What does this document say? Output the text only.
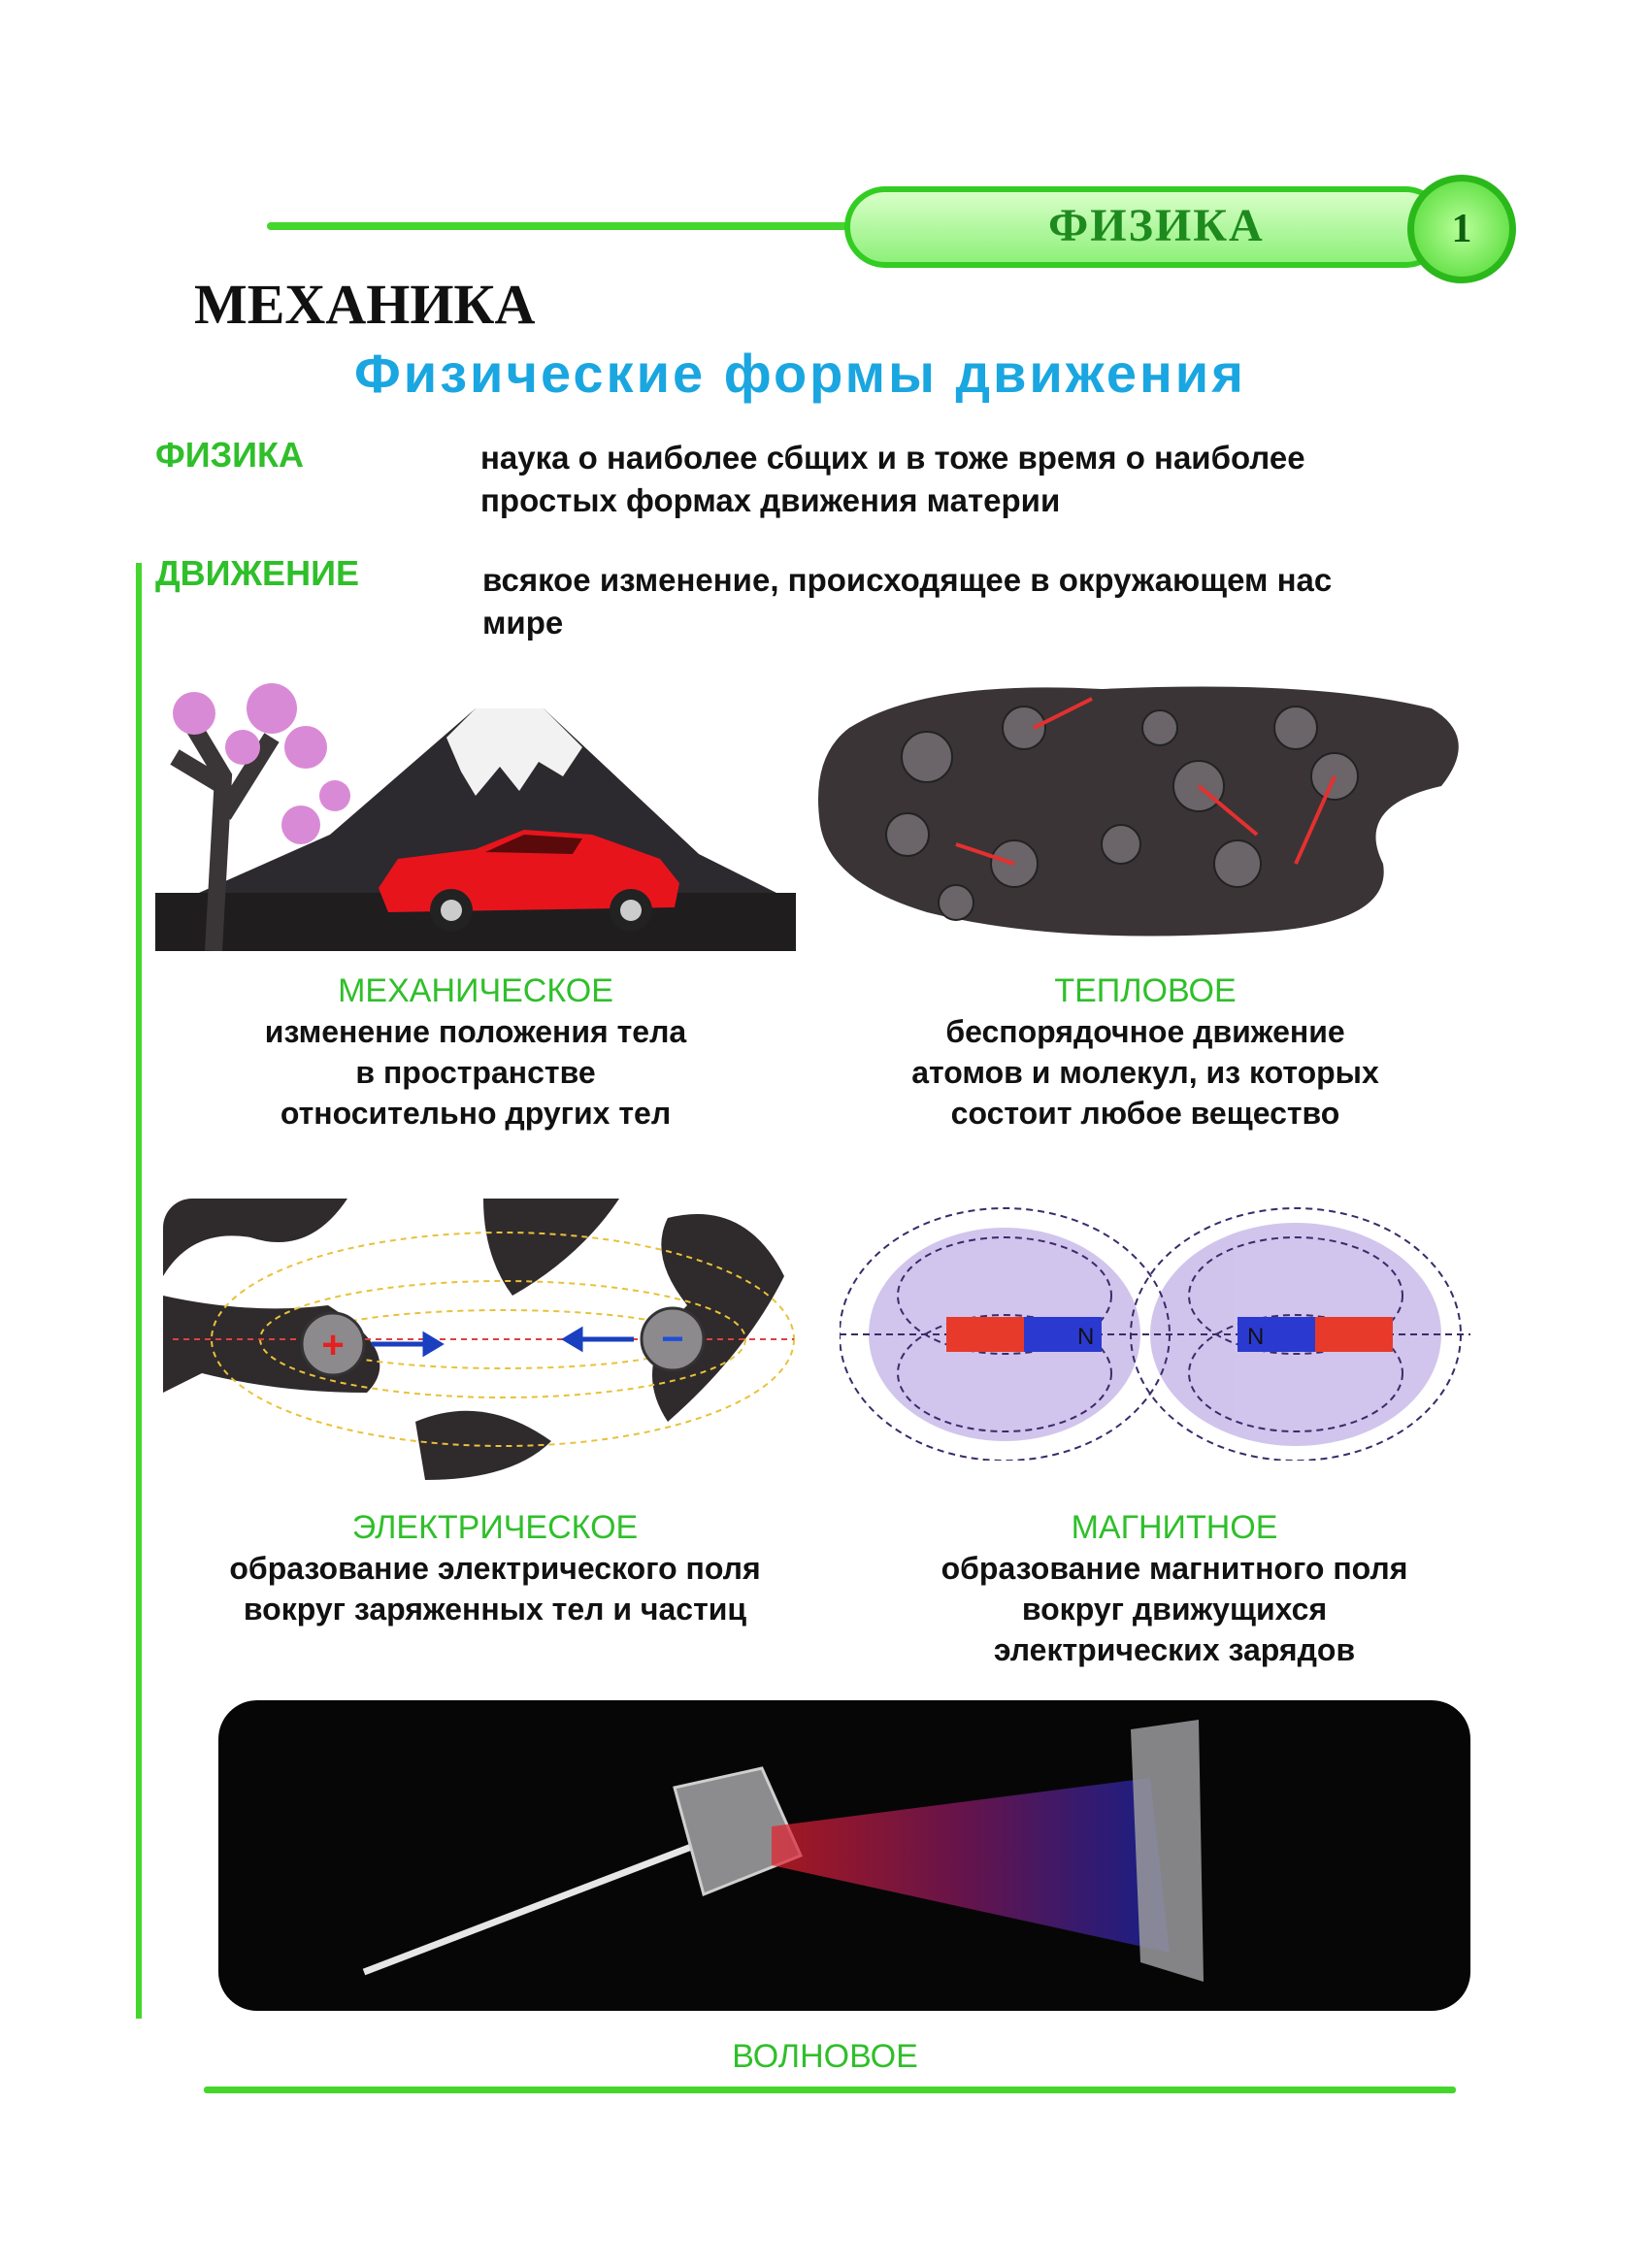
ФИЗИКА	1
МЕХАНИКА
Физические формы движения
ФИЗИКА	наука о наиболее сбщих и в тоже время о наиболее простых формах движения материи
ДВИЖЕНИЕ	всякое изменение, происходящее в окружающем нас мире
МЕХАНИЧЕСКОЕ
изменение положения тела
в пространстве
относительно других тел
ТЕПЛОВОЕ
беспорядочное движение
атомов и молекул, из которых
состоит любое вещество
+	−	N	N
ЭЛЕКТРИЧЕСКОЕ
образование электрического поля
вокруг заряженных тел и частиц
МАГНИТНОЕ
образование магнитного поля
вокруг движущихся
электрических зарядов
ВОЛНОВОЕ
